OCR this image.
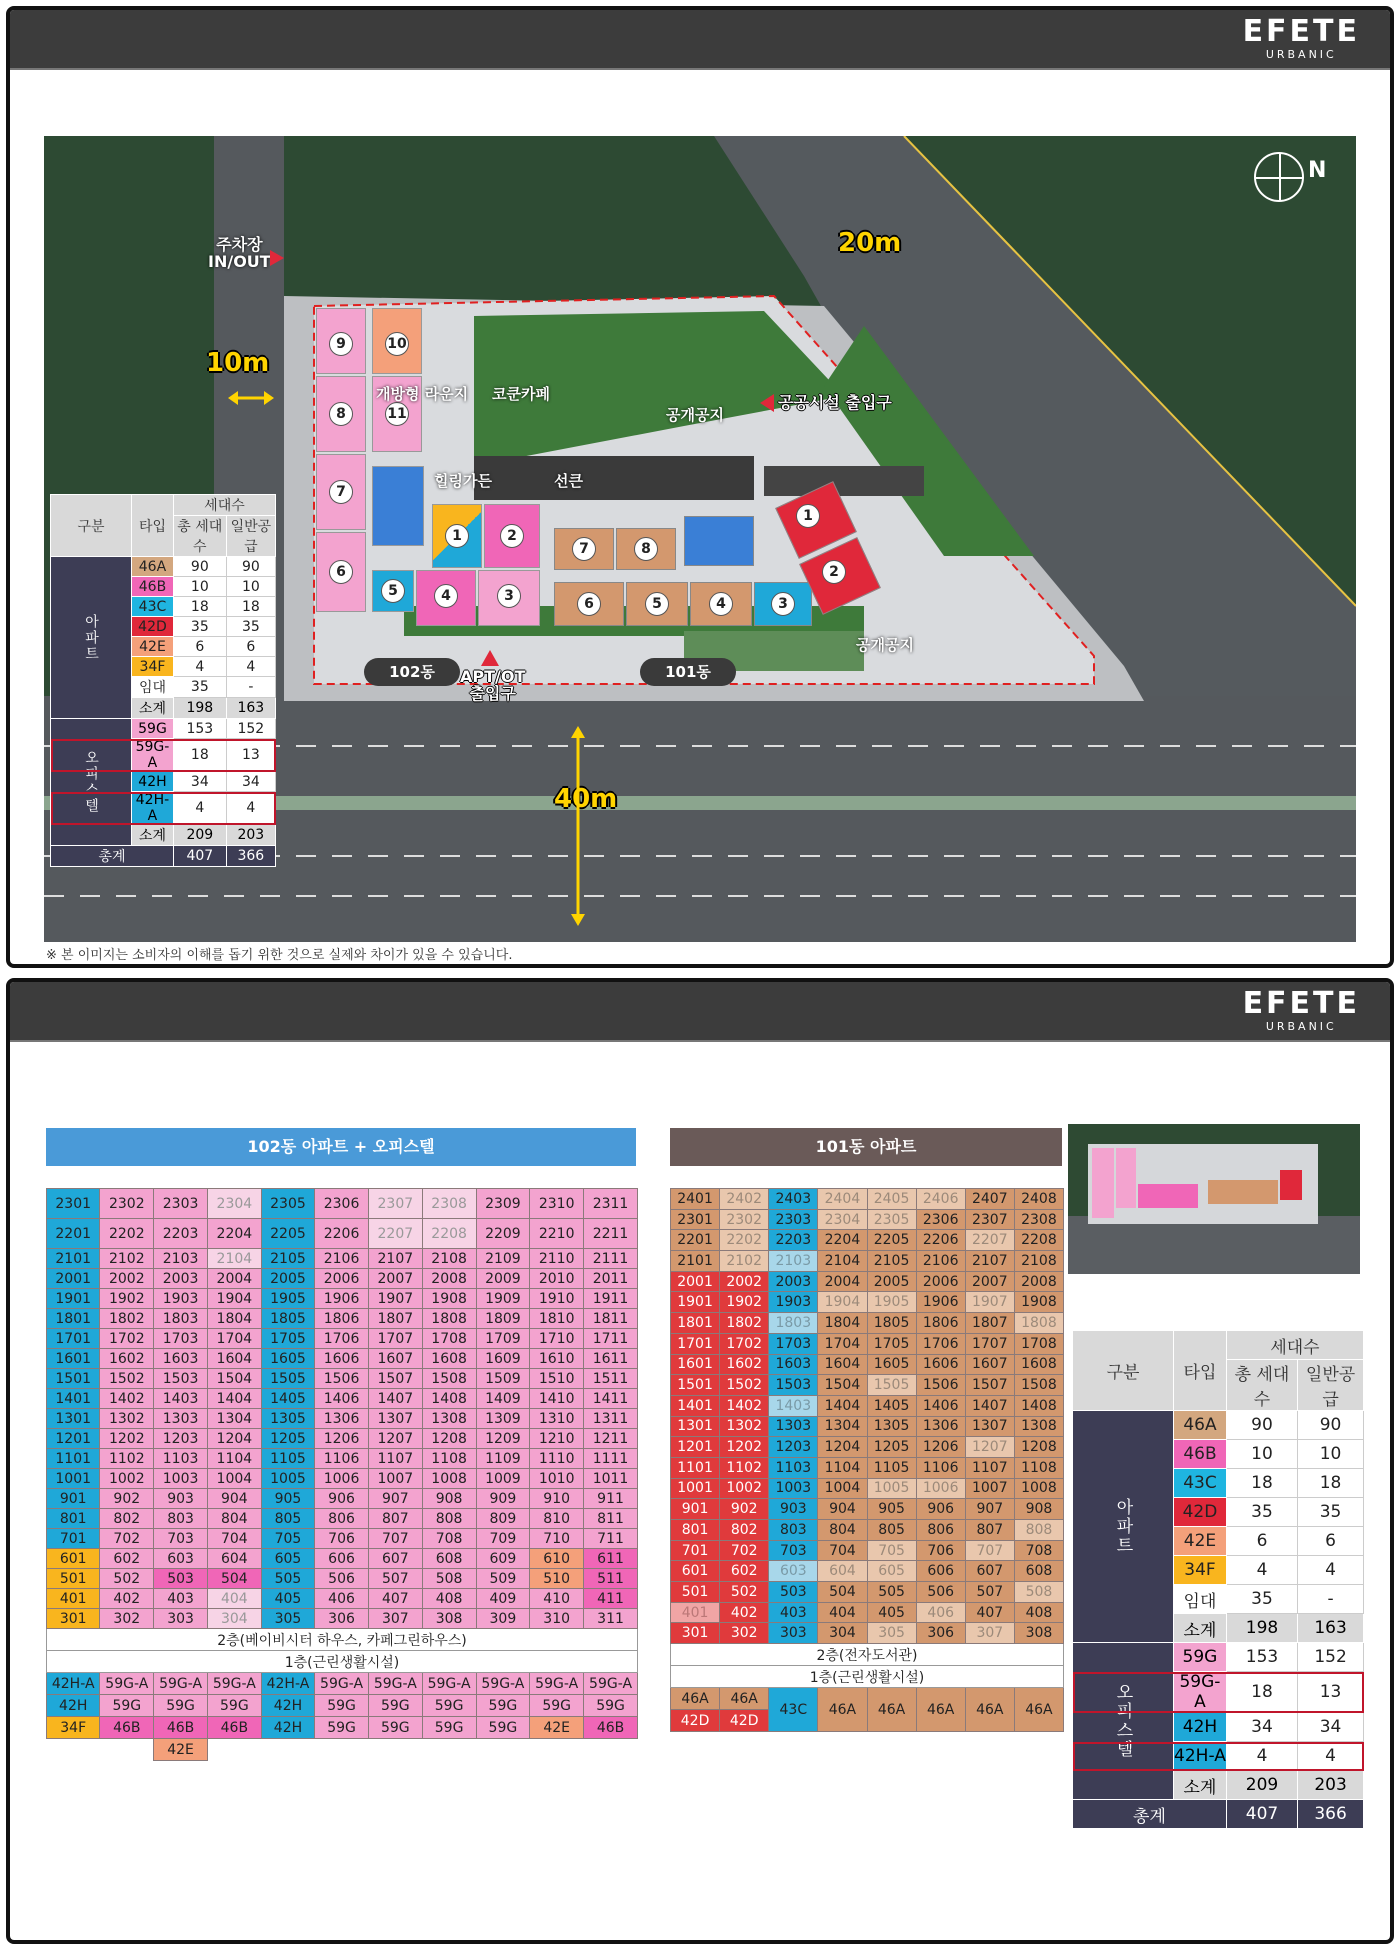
EFETE
URBANIC
9	10
8	11
7
1	2
6
5	4	3
7	8
1
2
6	5	4	3
주차장
IN/OUT
10m
20m
40m
공공시설 출입구
APT/OT
출입구
개방형 라운지 코쿤카페
공개공지
힐링가든	선큰
공개공지
102동	101동
N
구분	타입	세대수	
		총 세대수	일반공급
아파트	46A	90	90
	46B	10	10
	43C	18	18
	42D	35	35
	42E	6	6
	34F	4	4
	임대	35	-
	소계	198	163
오피스텔	59G	153	152
	59G-A	18	13
	42H	34	34
	42H-A	4	4
	소계	209	203
총계		407	366
※ 본 이미지는 소비자의 이해를 돕기 위한 것으로 실제와 차이가 있을 수 있습니다.
EFETE
URBANIC
102동 아파트 + 오피스텔	101동 아파트
2301	2302	2303	2304	2305	2306	2307	2308	2309	2310	2311
2201	2202	2203	2204	2205	2206	2207	2208	2209	2210	2211
2101	2102	2103	2104	2105	2106	2107	2108	2109	2110	2111
2001	2002	2003	2004	2005	2006	2007	2008	2009	2010	2011
1901	1902	1903	1904	1905	1906	1907	1908	1909	1910	1911
1801	1802	1803	1804	1805	1806	1807	1808	1809	1810	1811
1701	1702	1703	1704	1705	1706	1707	1708	1709	1710	1711
1601	1602	1603	1604	1605	1606	1607	1608	1609	1610	1611
1501	1502	1503	1504	1505	1506	1507	1508	1509	1510	1511
1401	1402	1403	1404	1405	1406	1407	1408	1409	1410	1411
1301	1302	1303	1304	1305	1306	1307	1308	1309	1310	1311
1201	1202	1203	1204	1205	1206	1207	1208	1209	1210	1211
1101	1102	1103	1104	1105	1106	1107	1108	1109	1110	1111
1001	1002	1003	1004	1005	1006	1007	1008	1009	1010	1011
901	902	903	904	905	906	907	908	909	910	911
801	802	803	804	805	806	807	808	809	810	811
701	702	703	704	705	706	707	708	709	710	711
601	602	603	604	605	606	607	608	609	610	611
501	502	503	504	505	506	507	508	509	510	511
401	402	403	404	405	406	407	408	409	410	411
301	302	303	304	305	306	307	308	309	310	311
2층(베이비시터 하우스, 카페그린하우스)										
1층(근린생활시설)										
42H-A	59G-A	59G-A	59G-A	42H-A	59G-A	59G-A	59G-A	59G-A	59G-A	59G-A
42H	59G	59G	59G	42H	59G	59G	59G	59G	59G	59G
34F	46B	46B	46B	42H	59G	59G	59G	59G	42E	46B
		42E								
2401	2402	2403	2404	2405	2406	2407	2408
2301	2302	2303	2304	2305	2306	2307	2308
2201	2202	2203	2204	2205	2206	2207	2208
2101	2102	2103	2104	2105	2106	2107	2108
2001	2002	2003	2004	2005	2006	2007	2008
1901	1902	1903	1904	1905	1906	1907	1908
1801	1802	1803	1804	1805	1806	1807	1808
1701	1702	1703	1704	1705	1706	1707	1708
1601	1602	1603	1604	1605	1606	1607	1608
1501	1502	1503	1504	1505	1506	1507	1508
1401	1402	1403	1404	1405	1406	1407	1408
1301	1302	1303	1304	1305	1306	1307	1308
1201	1202	1203	1204	1205	1206	1207	1208
1101	1102	1103	1104	1105	1106	1107	1108
1001	1002	1003	1004	1005	1006	1007	1008
901	902	903	904	905	906	907	908
801	802	803	804	805	806	807	808
701	702	703	704	705	706	707	708
601	602	603	604	605	606	607	608
501	502	503	504	505	506	507	508
401	402	403	404	405	406	407	408
301	302	303	304	305	306	307	308
2층(전자도서관)							
1층(근린생활시설)							
46A	46A	43C	46A	46A	46A	46A	46A
42D	42D						
구분	타입	세대수	
		총 세대수	일반공급
아파트	46A	90	90
	46B	10	10
	43C	18	18
	42D	35	35
	42E	6	6
	34F	4	4
	임대	35	-
	소계	198	163
오피스텔	59G	153	152
	59G-A	18	13
	42H	34	34
	42H-A	4	4
	소계	209	203
총계		407	366
